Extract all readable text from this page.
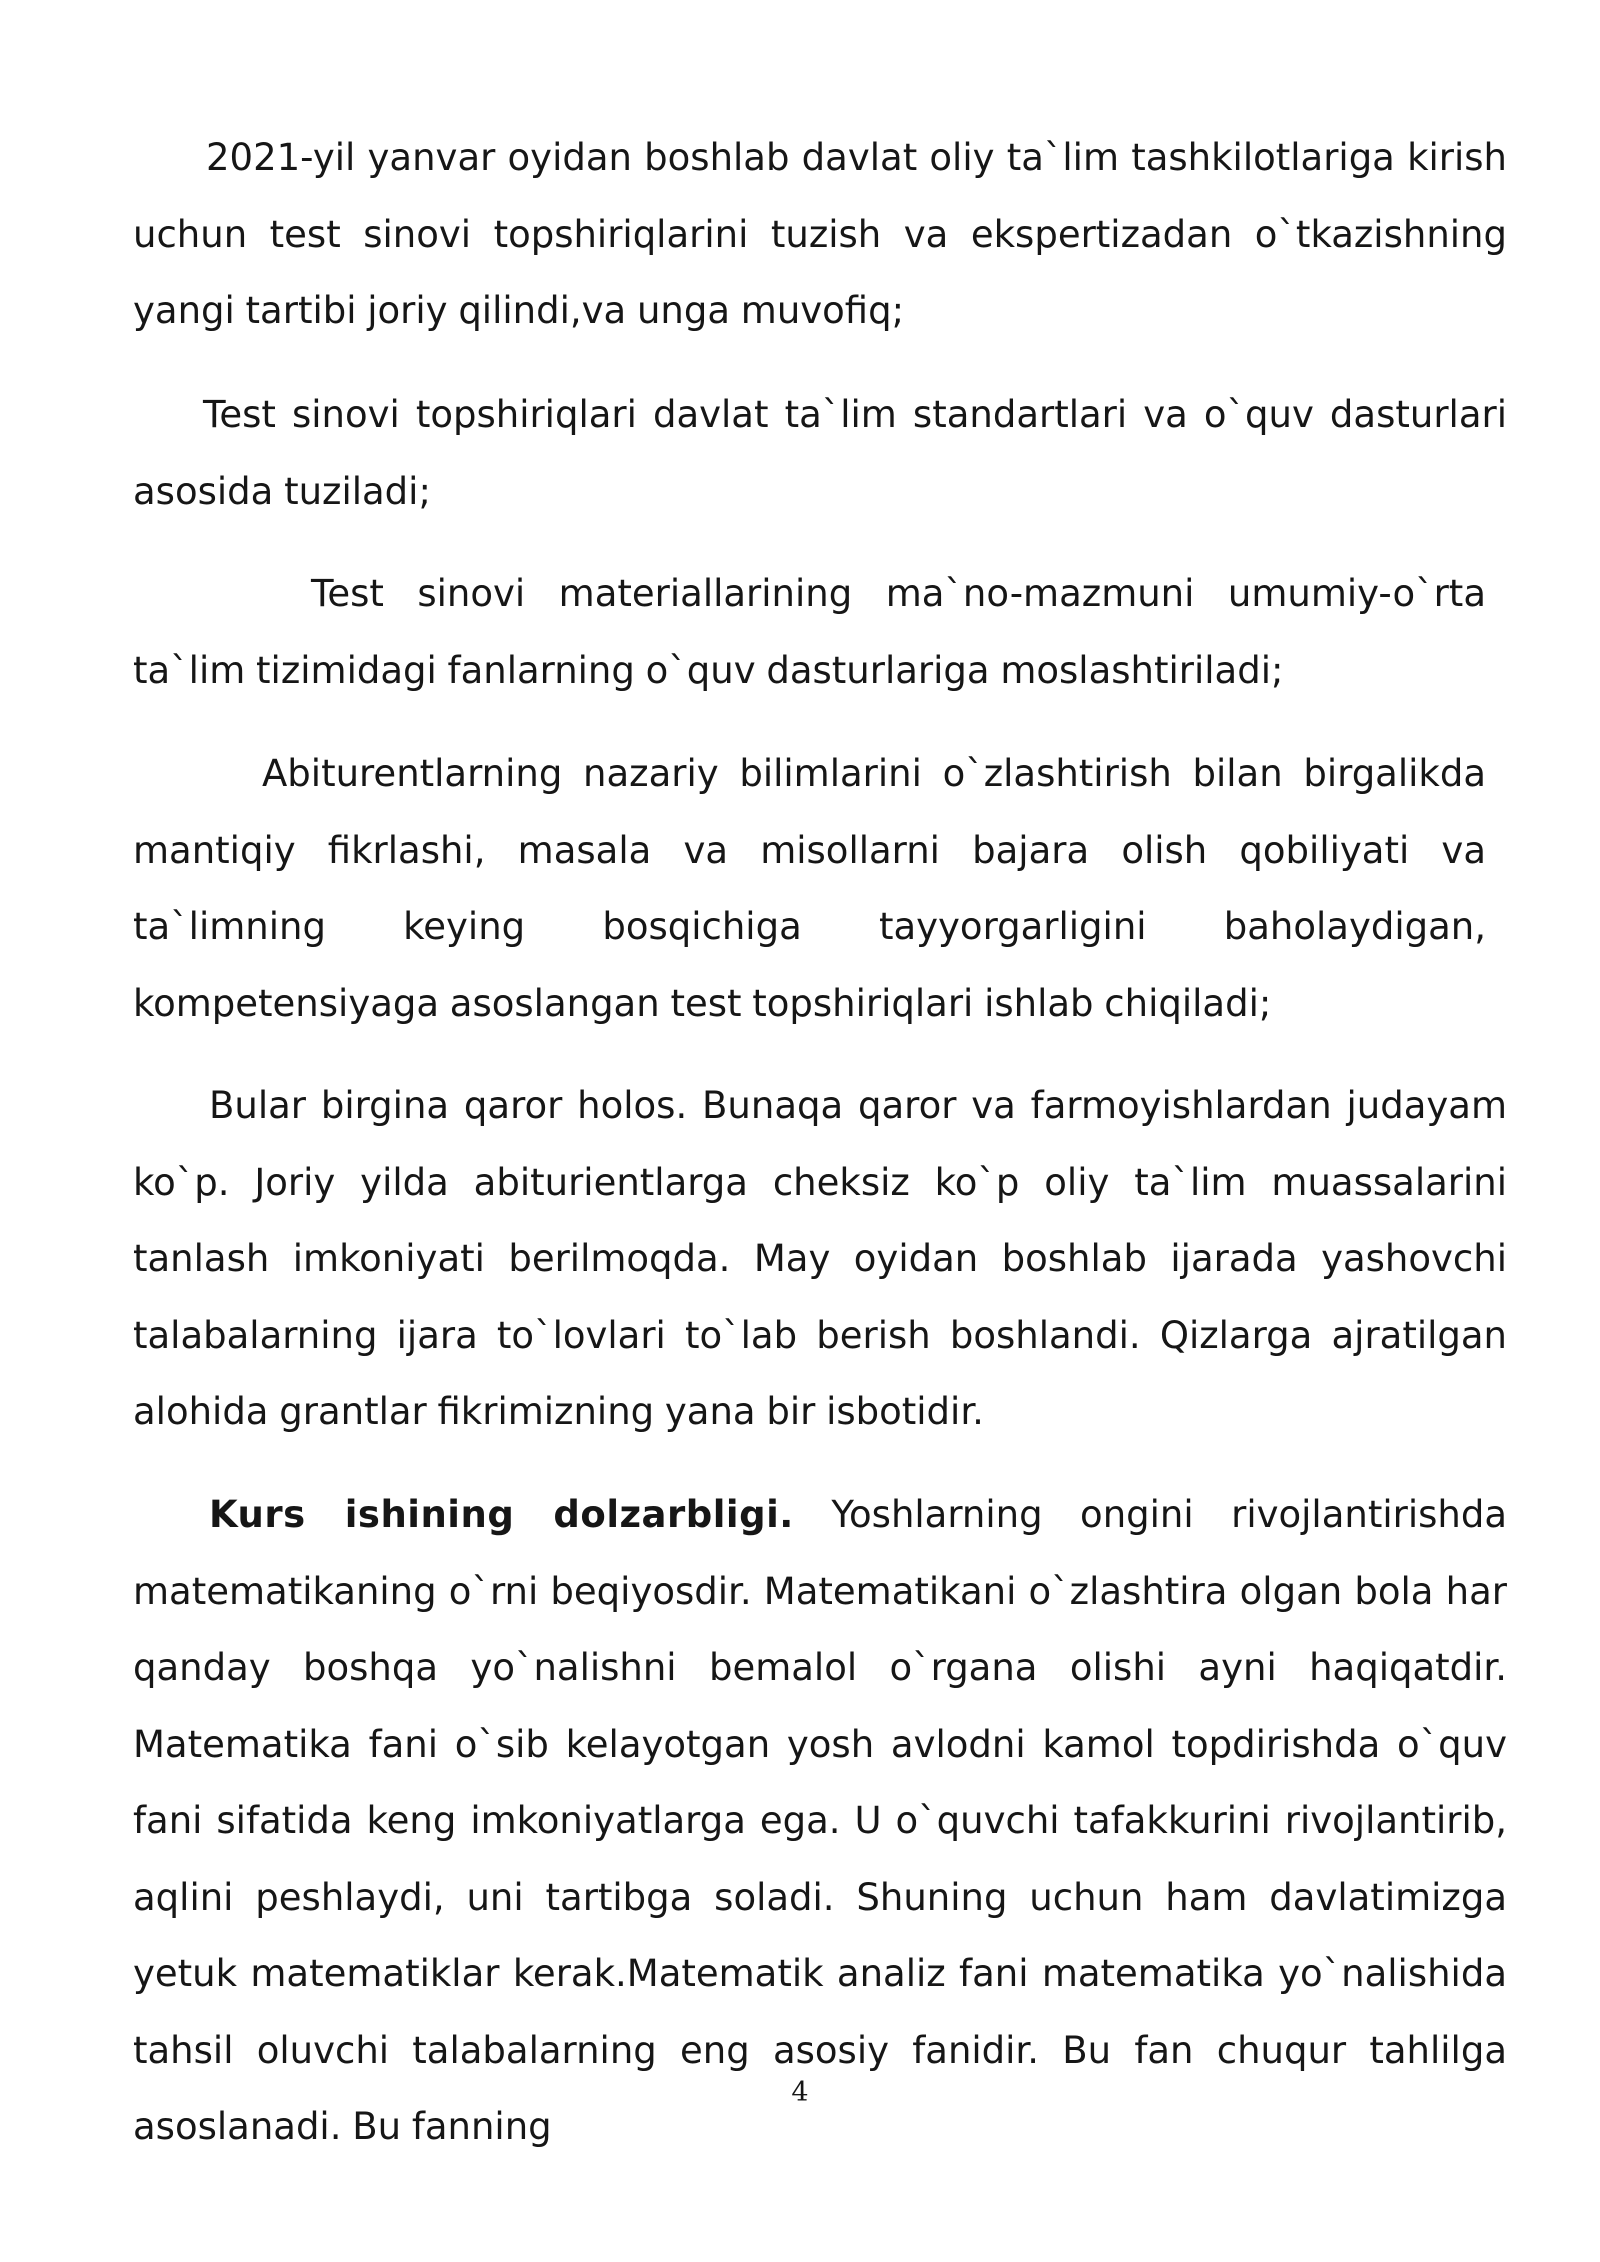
2021-yil yanvar oyidan boshlab davlat oliy ta`lim tashkilotlariga kirish uchun test sinovi topshiriqlarini tuzish va ekspertizadan o`tkazishning yangi tartibi joriy qilindi,va unga muvofiq;

Test sinovi topshiriqlari davlat ta`lim standartlari va o`quv dasturlari asosida tuziladi;

Test sinovi materiallarining ma`no-mazmuni umumiy-o`rta ta`lim tizimidagi fanlarning o`quv dasturlariga moslashtiriladi;

Abiturentlarning nazariy bilimlarini o`zlashtirish bilan birgalikda mantiqiy fikrlashi, masala va misollarni bajara olish qobiliyati va ta`limning keying bosqichiga tayyorgarligini baholaydigan, kompetensiyaga asoslangan test topshiriqlari ishlab chiqiladi;

Bular birgina qaror holos. Bunaqa qaror va farmoyishlardan judayam ko`p. Joriy yilda abiturientlarga cheksiz ko`p oliy ta`lim muassalarini tanlash imkoniyati berilmoqda. May oyidan boshlab ijarada yashovchi talabalarning ijara to`lovlari to`lab berish boshlandi. Qizlarga ajratilgan alohida grantlar fikrimizning yana bir isbotidir.

Kurs ishining dolzarbligi. Yoshlarning ongini rivojlantirishda matematikaning o`rni beqiyosdir. Matematikani o`zlashtira olgan bola har qanday boshqa yo`nalishni bemalol o`rgana olishi ayni haqiqatdir. Matematika fani o`sib kelayotgan yosh avlodni kamol topdirishda o`quv fani sifatida keng imkoniyatlarga ega. U o`quvchi tafakkurini rivojlantirib, aqlini peshlaydi, uni tartibga soladi. Shuning uchun ham davlatimizga yetuk matematiklar kerak.Matematik analiz fani matematika yo`nalishida tahsil oluvchi talabalarning eng asosiy fanidir. Bu fan chuqur tahlilga asoslanadi. Bu fanning

4
